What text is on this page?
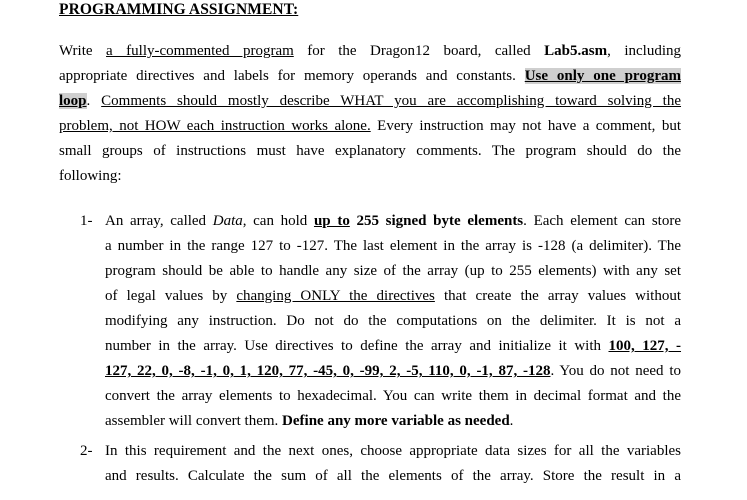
PROGRAMMING ASSIGNMENT:
Write a fully-commented program for the Dragon12 board, called Lab5.asm, including
appropriate directives and labels for memory operands and constants. Use only one program
loop. Comments should mostly describe WHAT you are accomplishing toward solving the
problem, not HOW each instruction works alone. Every instruction may not have a comment, but
small groups of instructions must have explanatory comments. The program should do the
following:
1- An array, called Data, can hold up to 255 signed byte elements. Each element can store
a number in the range 127 to -127. The last element in the array is -128 (a delimiter). The
program should be able to handle any size of the array (up to 255 elements) with any set
of legal values by changing ONLY the directives that create the array values without
modifying any instruction. Do not do the computations on the delimiter. It is not a
number in the array. Use directives to define the array and initialize it with 100, 127, -
127, 22, 0, -8, -1, 0, 1, 120, 77, -45, 0, -99, 2, -5, 110, 0, -1, 87, -128. You do not need to
convert the array elements to hexadecimal. You can write them in decimal format and the
assembler will convert them. Define any more variable as needed.
2- In this requirement and the next ones, choose appropriate data sizes for all the variables
and results. Calculate the sum of all the elements of the array. Store the result in a
